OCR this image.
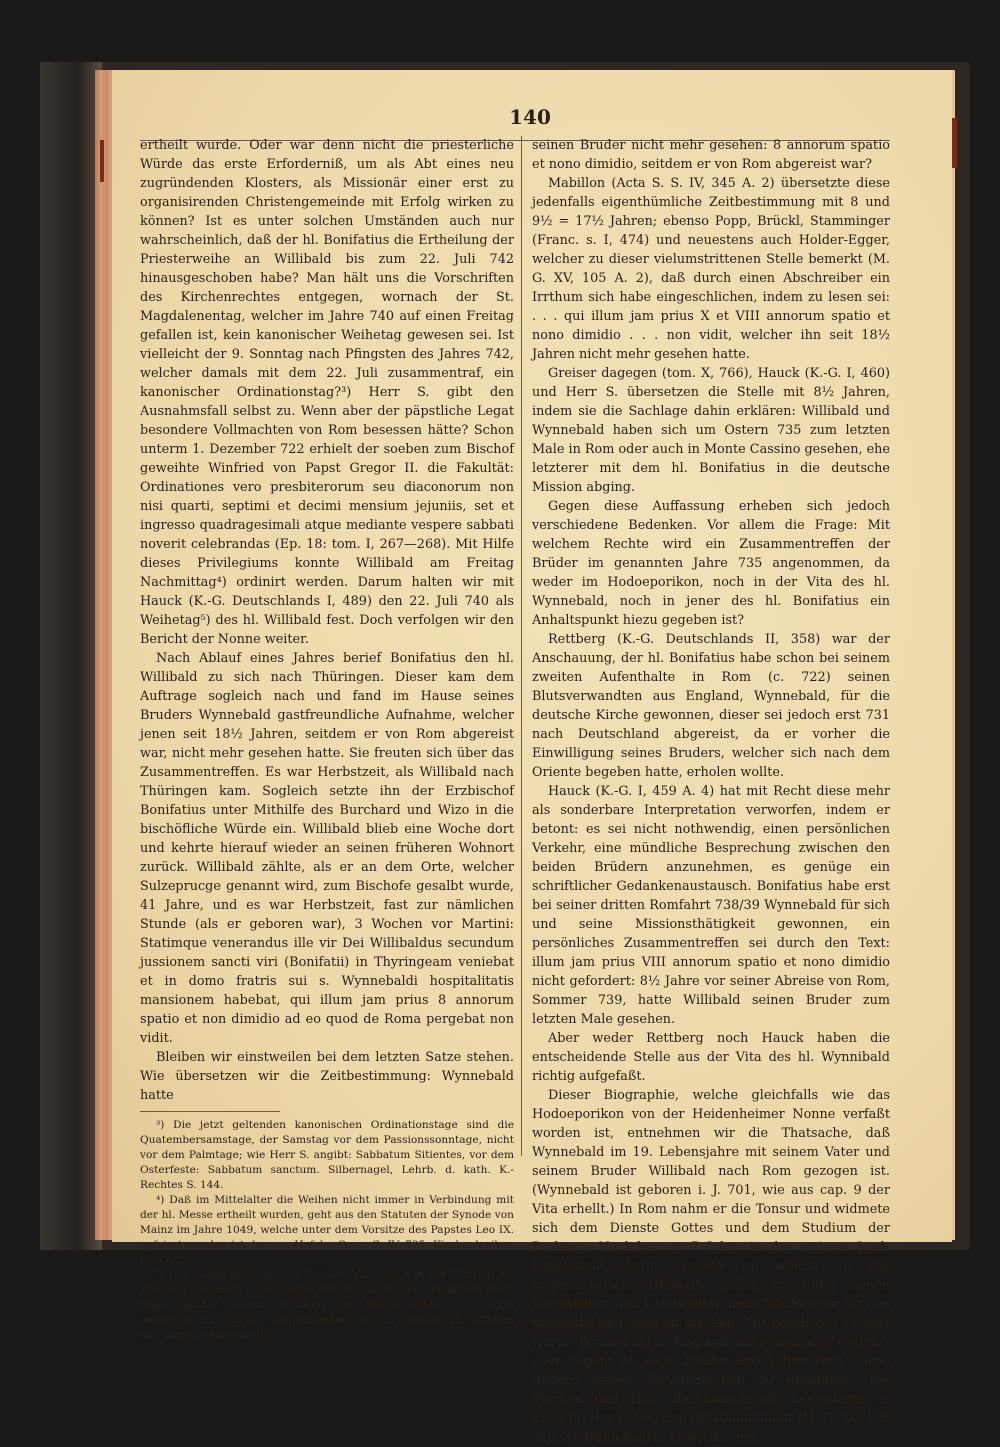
140

ertheilt wurde. Oder war denn nicht die priesterliche Würde das erste Erforderniß, um als Abt eines neu zugründenden Klosters, als Missionär einer erst zu organisirenden Christengemeinde mit Erfolg wirken zu können? Ist es unter solchen Umständen auch nur wahrscheinlich, daß der hl. Bonifatius die Ertheilung der Priesterweihe an Willibald bis zum 22. Juli 742 hinausgeschoben habe? Man hält uns die Vorschriften des Kirchenrechtes entgegen, wornach der St. Magdalenentag, welcher im Jahre 740 auf einen Freitag gefallen ist, kein kanonischer Weihetag gewesen sei. Ist vielleicht der 9. Sonntag nach Pfingsten des Jahres 742, welcher damals mit dem 22. Juli zusammentraf, ein kanonischer Ordinationstag?³) Herr S. gibt den Ausnahmsfall selbst zu. Wenn aber der päpstliche Legat besondere Vollmachten von Rom besessen hätte? Schon unterm 1. Dezember 722 erhielt der soeben zum Bischof geweihte Winfried von Papst Gregor II. die Fakultät: Ordinationes vero presbiterorum seu diaconorum non nisi quarti, septimi et decimi mensium jejuniis, set et ingresso quadragesimali atque mediante vespere sabbati noverit celebrandas (Ep. 18: tom. I, 267—268). Mit Hilfe dieses Privilegiums konnte Willibald am Freitag Nachmittag⁴) ordinirt werden. Darum halten wir mit Hauck (K.-G. Deutschlands I, 489) den 22. Juli 740 als Weihetag⁵) des hl. Willibald fest. Doch verfolgen wir den Bericht der Nonne weiter.

Nach Ablauf eines Jahres berief Bonifatius den hl. Willibald zu sich nach Thüringen. Dieser kam dem Auftrage sogleich nach und fand im Hause seines Bruders Wynnebald gastfreundliche Aufnahme, welcher jenen seit 18½ Jahren, seitdem er von Rom abgereist war, nicht mehr gesehen hatte. Sie freuten sich über das Zusammentreffen. Es war Herbstzeit, als Willibald nach Thüringen kam. Sogleich setzte ihn der Erzbischof Bonifatius unter Mithilfe des Burchard und Wizo in die bischöfliche Würde ein. Willibald blieb eine Woche dort und kehrte hierauf wieder an seinen früheren Wohnort zurück. Willibald zählte, als er an dem Orte, welcher Sulzeprucge genannt wird, zum Bischofe gesalbt wurde, 41 Jahre, und es war Herbstzeit, fast zur nämlichen Stunde (als er geboren war), 3 Wochen vor Martini: Statimque venerandus ille vir Dei Willibaldus secundum jussionem sancti viri (Bonifatii) in Thyringeam veniebat et in domo fratris sui s. Wynnebaldi hospitalitatis mansionem habebat, qui illum jam prius 8 annorum spatio et non dimidio ad eo quod de Roma pergebat non vidit.

Bleiben wir einstweilen bei dem letzten Satze stehen. Wie übersetzen wir die Zeitbestimmung: Wynnebald hatte

³) Die jetzt geltenden kanonischen Ordinationstage sind die Quatembersamstage, der Samstag vor dem Passionssonntage, nicht vor dem Palmtage; wie Herr S. angibt: Sabbatum Sitientes, vor dem Osterfeste: Sabbatum sanctum. Silbernagel, Lehrb. d. kath. K.-Rechtes S. 144.

⁴) Daß im Mittelalter die Weihen nicht immer in Verbindung mit der hl. Messe ertheilt wurden, geht aus den Statuten der Synode von Mainz im Jahre 1049, welche unter dem Vorsitze des Papstes Leo IX. gefeiert worden ist, hervor. Hefele, Conc.-G. IV, 735. Kirchenlexikon IV, 1272.

⁵) Das Gundekarianum (M. G. S. S. VII, 248) hat den Eintrag: XI. Kal. Aug. ordinatio s. Willibaldi. Vor Einführung des römischen Ritus unter Bischof Johann Christoph von Westerstetten 1612—1636 wurde der 22. Juli als Ordinationstag des hl. Willibald im Officium des Tages commemorirt.

seinen Bruder nicht mehr gesehen: 8 annorum spatio et nono dimidio, seitdem er von Rom abgereist war?

Mabillon (Acta S. S. IV, 345 A. 2) übersetzte diese jedenfalls eigenthümliche Zeitbestimmung mit 8 und 9½ = 17½ Jahren; ebenso Popp, Brückl, Stamminger (Franc. s. I, 474) und neuestens auch Holder-Egger, welcher zu dieser vielumstrittenen Stelle bemerkt (M. G. XV, 105 A. 2), daß durch einen Abschreiber ein Irrthum sich habe eingeschlichen, indem zu lesen sei: . . . qui illum jam prius X et VIII annorum spatio et nono dimidio . . . non vidit, welcher ihn seit 18½ Jahren nicht mehr gesehen hatte.

Greiser dagegen (tom. X, 766), Hauck (K.-G. I, 460) und Herr S. übersetzen die Stelle mit 8½ Jahren, indem sie die Sachlage dahin erklären: Willibald und Wynnebald haben sich um Ostern 735 zum letzten Male in Rom oder auch in Monte Cassino gesehen, ehe letzterer mit dem hl. Bonifatius in die deutsche Mission abging.

Gegen diese Auffassung erheben sich jedoch verschiedene Bedenken. Vor allem die Frage: Mit welchem Rechte wird ein Zusammentreffen der Brüder im genannten Jahre 735 angenommen, da weder im Hodoeporikon, noch in der Vita des hl. Wynnebald, noch in jener des hl. Bonifatius ein Anhaltspunkt hiezu gegeben ist?

Rettberg (K.-G. Deutschlands II, 358) war der Anschauung, der hl. Bonifatius habe schon bei seinem zweiten Aufenthalte in Rom (c. 722) seinen Blutsverwandten aus England, Wynnebald, für die deutsche Kirche gewonnen, dieser sei jedoch erst 731 nach Deutschland abgereist, da er vorher die Einwilligung seines Bruders, welcher sich nach dem Oriente begeben hatte, erholen wollte.

Hauck (K.-G. I, 459 A. 4) hat mit Recht diese mehr als sonderbare Interpretation verworfen, indem er betont: es sei nicht nothwendig, einen persönlichen Verkehr, eine mündliche Besprechung zwischen den beiden Brüdern anzunehmen, es genüge ein schriftlicher Gedankenaustausch. Bonifatius habe erst bei seiner dritten Romfahrt 738/39 Wynnebald für sich und seine Missionsthätigkeit gewonnen, ein persönliches Zusammentreffen sei durch den Text: illum jam prius VIII annorum spatio et nono dimidio nicht gefordert: 8½ Jahre vor seiner Abreise von Rom, Sommer 739, hatte Willibald seinen Bruder zum letzten Male gesehen.

Aber weder Rettberg noch Hauck haben die entscheidende Stelle aus der Vita des hl. Wynnibald richtig aufgefaßt.

Dieser Biographie, welche gleichfalls wie das Hodoeporikon von der Heidenheimer Nonne verfaßt worden ist, entnehmen wir die Thatsache, daß Wynnebald im 19. Lebensjahre mit seinem Vater und seinem Bruder Willibald nach Rom gezogen ist. (Wynnebald ist geboren i. J. 701, wie aus cap. 9 der Vita erhellt.) In Rom nahm er die Tonsur und widmete sich dem Dienste Gottes und dem Studium der Psalmen. Nachdem er 7 Jahre in der ewigen Stadt zugebracht hatte, kehrte er wieder in die angelsächsische Heimath zurück, um unter seinen Verwandten und Landsleuten neue Werbungen für das monastische Leben zu machen. Mit herzlicher Freude wurde Wynnebald in England aufgenommen; sogleich aber begann er, seine Brüder und Schwestern, sowie Andere seiner Verwandtschaft zu ermahnen; die Flecken und Höfe durchwandernd, begeisterte er Viele für das Leben der Vollkommenheit (M. G. XV, 108 cap. 3). Dann kehrte er wieder mit
